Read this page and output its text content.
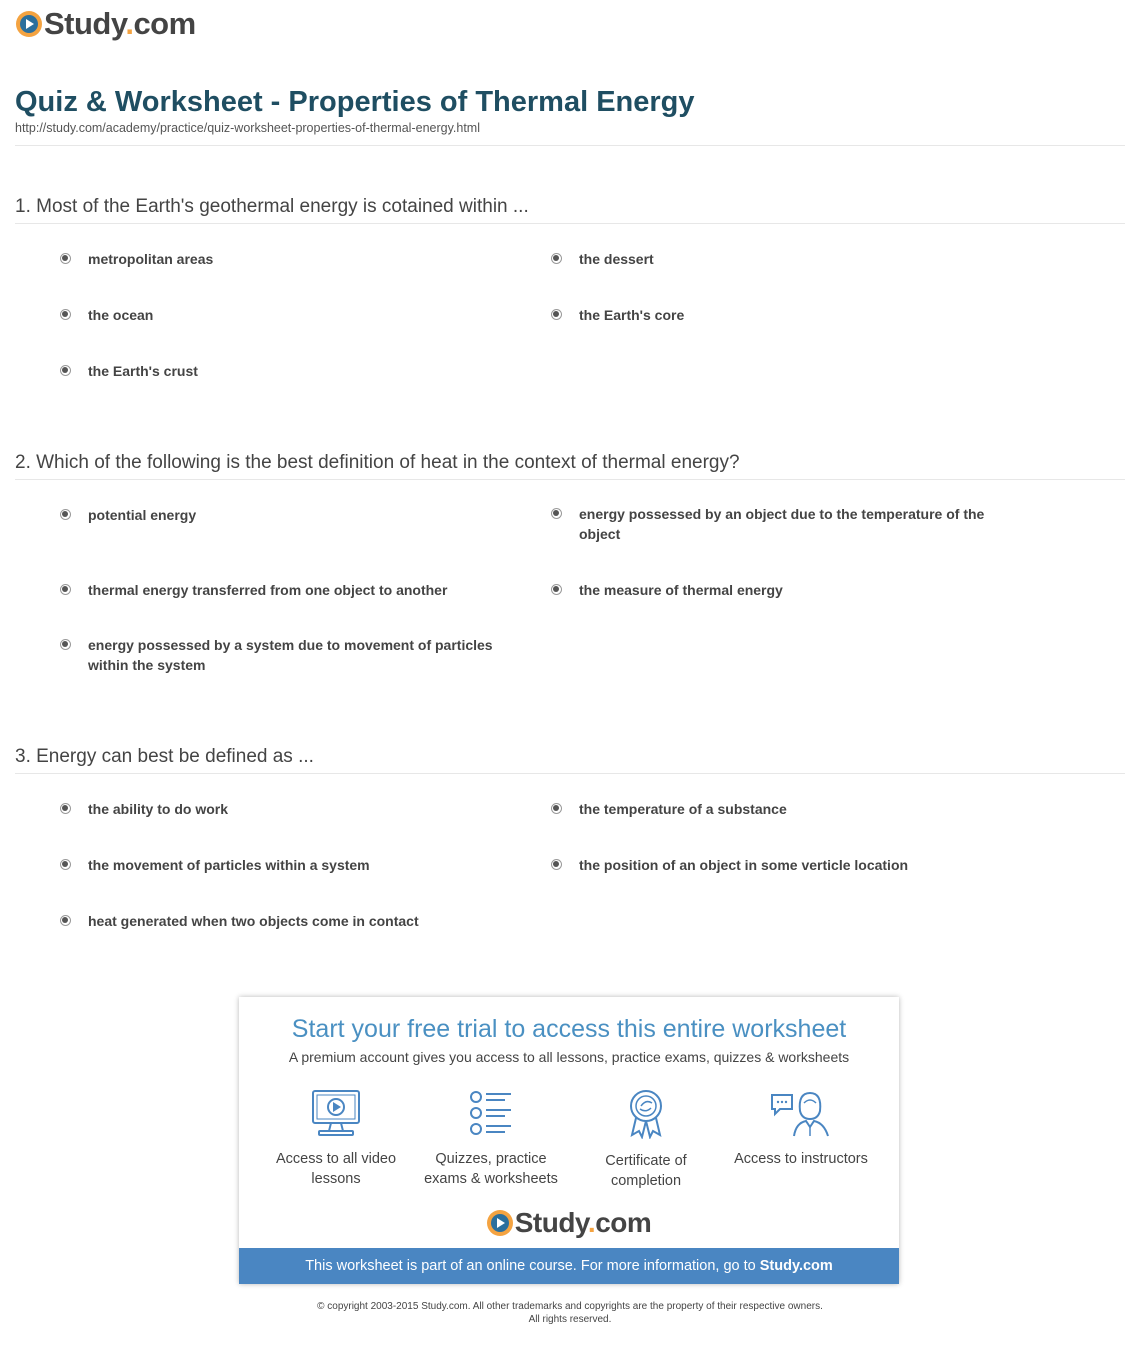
Study.com
Quiz & Worksheet - Properties of Thermal Energy
http://study.com/academy/practice/quiz-worksheet-properties-of-thermal-energy.html
1. Most of the Earth's geothermal energy is cotained within ...
metropolitan areas	the dessert
the ocean	the Earth's core
the Earth's crust
2. Which of the following is the best definition of heat in the context of thermal energy?
potential energy	energy possessed by an object due to the temperature of the object
thermal energy transferred from one object to another	the measure of thermal energy
energy possessed by a system due to movement of particles within the system
3. Energy can best be defined as ...
the ability to do work	the temperature of a substance
the movement of particles within a system	the position of an object in some verticle location
heat generated when two objects come in contact
Start your free trial to access this entire worksheet
A premium account gives you access to all lessons, practice exams, quizzes & worksheets
Access to all video lessons
Quizzes, practice exams & worksheets
Certificate of completion
Access to instructors
Study.com
This worksheet is part of an online course. For more information, go to Study.com
© copyright 2003-2015 Study.com. All other trademarks and copyrights are the property of their respective owners.
All rights reserved.
